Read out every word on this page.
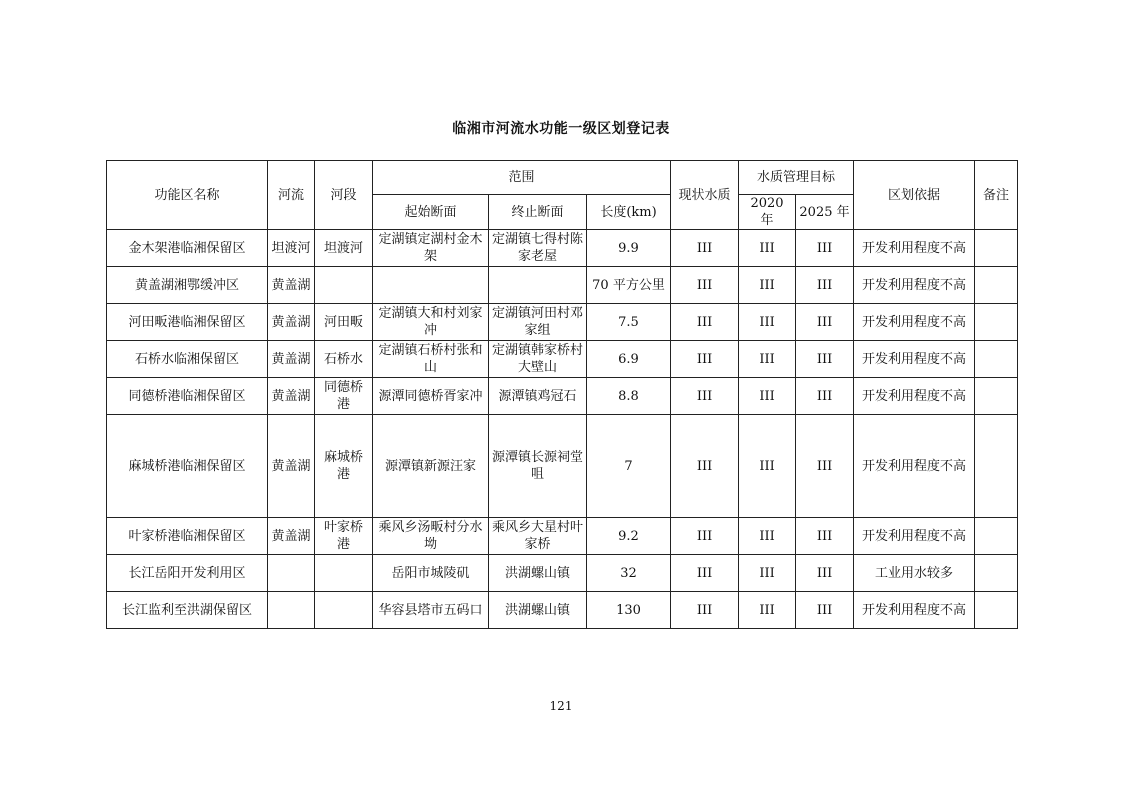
临湘市河流水功能一级区划登记表
功能区名称	河流	河段	范围			现状水质	水质管理目标		区划依据	备注
			起始断面	终止断面	长度(km)		2020 年	2025 年		
金木架港临湘保留区	坦渡河	坦渡河	定湖镇定湖村金木架	定湖镇七得村陈家老屋	9.9	III	III	III	开发利用程度不高	
黄盖湖湘鄂缓冲区	黄盖湖				70 平方公里	III	III	III	开发利用程度不高	
河田畈港临湘保留区	黄盖湖	河田畈	定湖镇大和村刘家冲	定湖镇河田村邓家组	7.5	III	III	III	开发利用程度不高	
石桥水临湘保留区	黄盖湖	石桥水	定湖镇石桥村张和山	定湖镇韩家桥村大壁山	6.9	III	III	III	开发利用程度不高	
同德桥港临湘保留区	黄盖湖	同德桥港	源潭同德桥胥家冲	源潭镇鸡冠石	8.8	III	III	III	开发利用程度不高	
麻城桥港临湘保留区	黄盖湖	麻城桥港	源潭镇新源汪家	源潭镇长源祠堂咀	7	III	III	III	开发利用程度不高	
叶家桥港临湘保留区	黄盖湖	叶家桥港	乘风乡汤畈村分水坳	乘风乡大星村叶家桥	9.2	III	III	III	开发利用程度不高	
长江岳阳开发利用区			岳阳市城陵矶	洪湖螺山镇	32	III	III	III	工业用水较多	
长江监利至洪湖保留区			华容县塔市五码口	洪湖螺山镇	130	III	III	III	开发利用程度不高	
121
